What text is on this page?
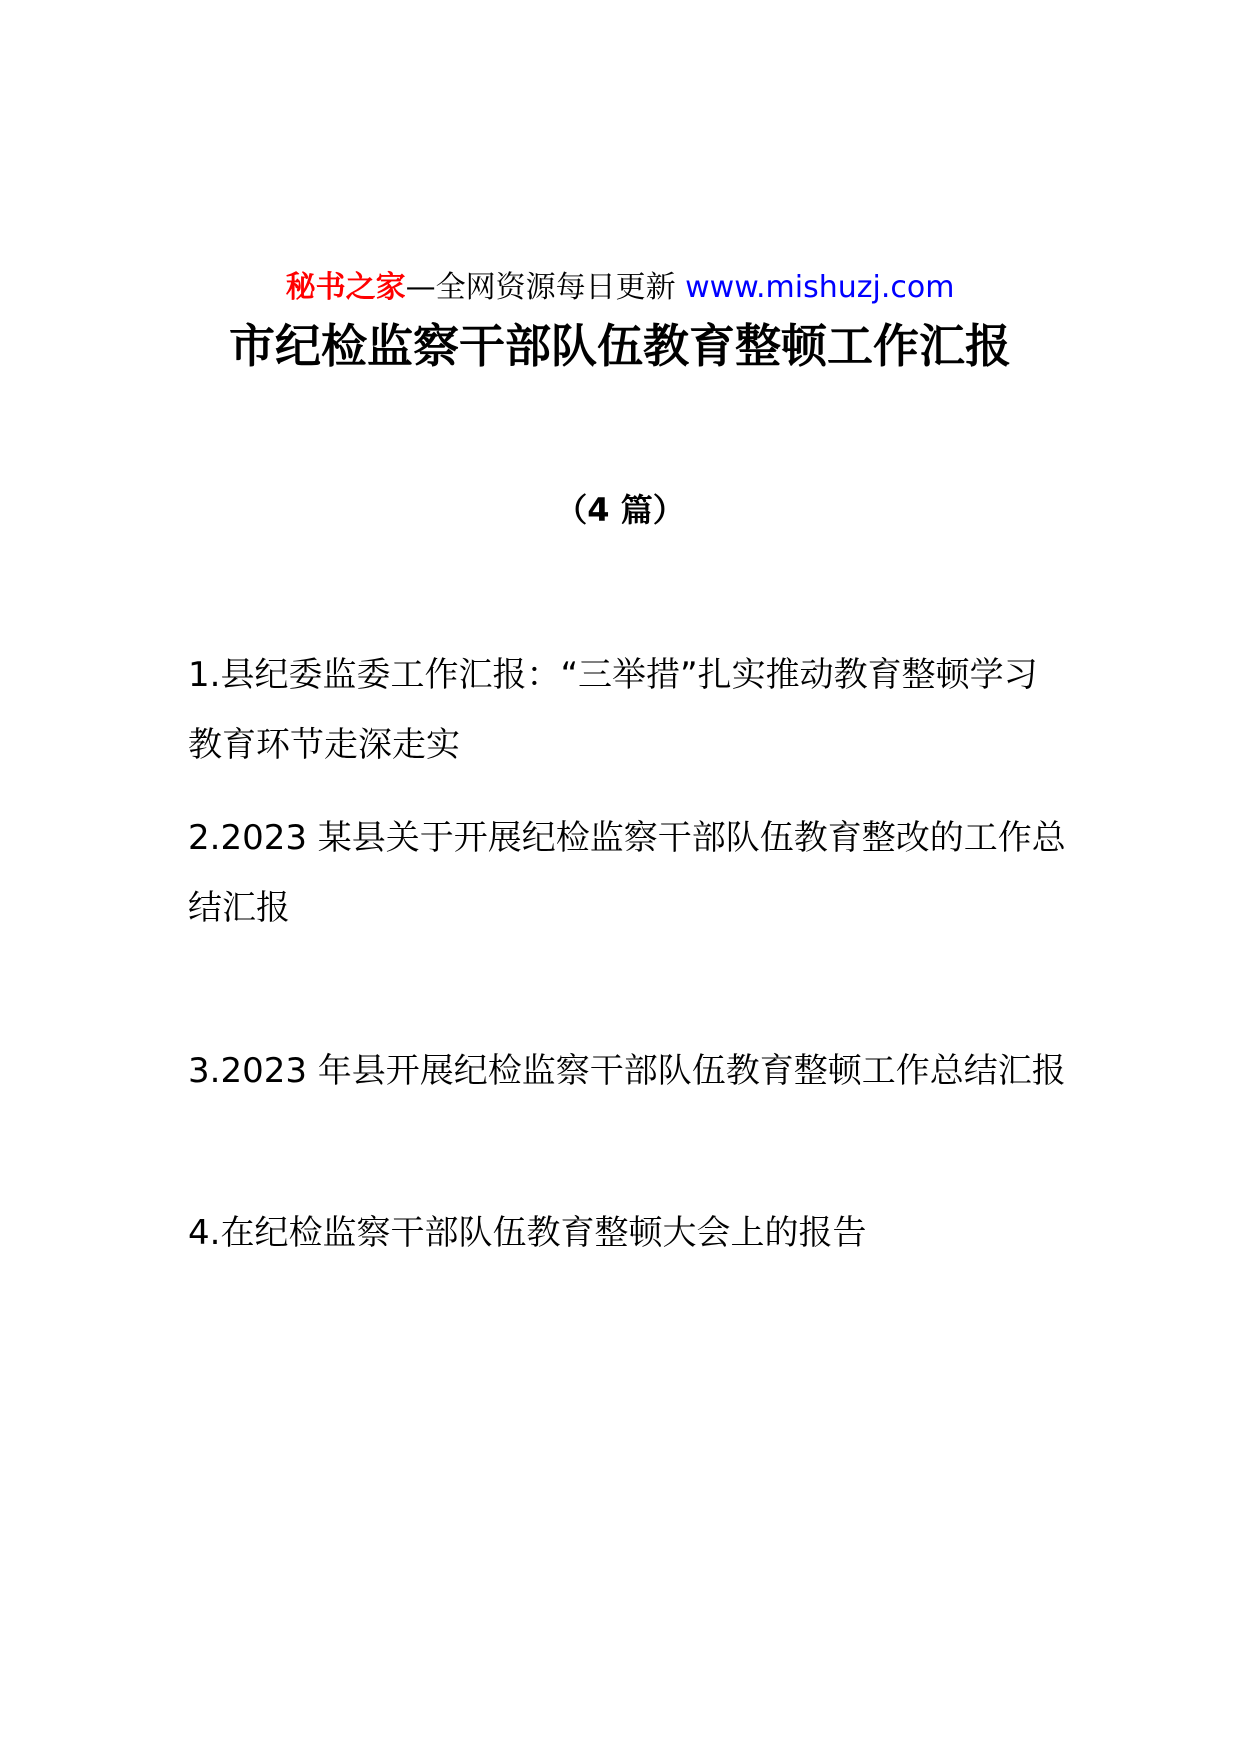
秘书之家—全网资源每日更新 www.mishuzj.com
市纪检监察干部队伍教育整顿工作汇报
（4 篇）

1.县纪委监委工作汇报：“三举措”扎实推动教育整顿学习教育环节走深走实

2.2023 某县关于开展纪检监察干部队伍教育整改的工作总结汇报

3.2023 年县开展纪检监察干部队伍教育整顿工作总结汇报

4.在纪检监察干部队伍教育整顿大会上的报告
